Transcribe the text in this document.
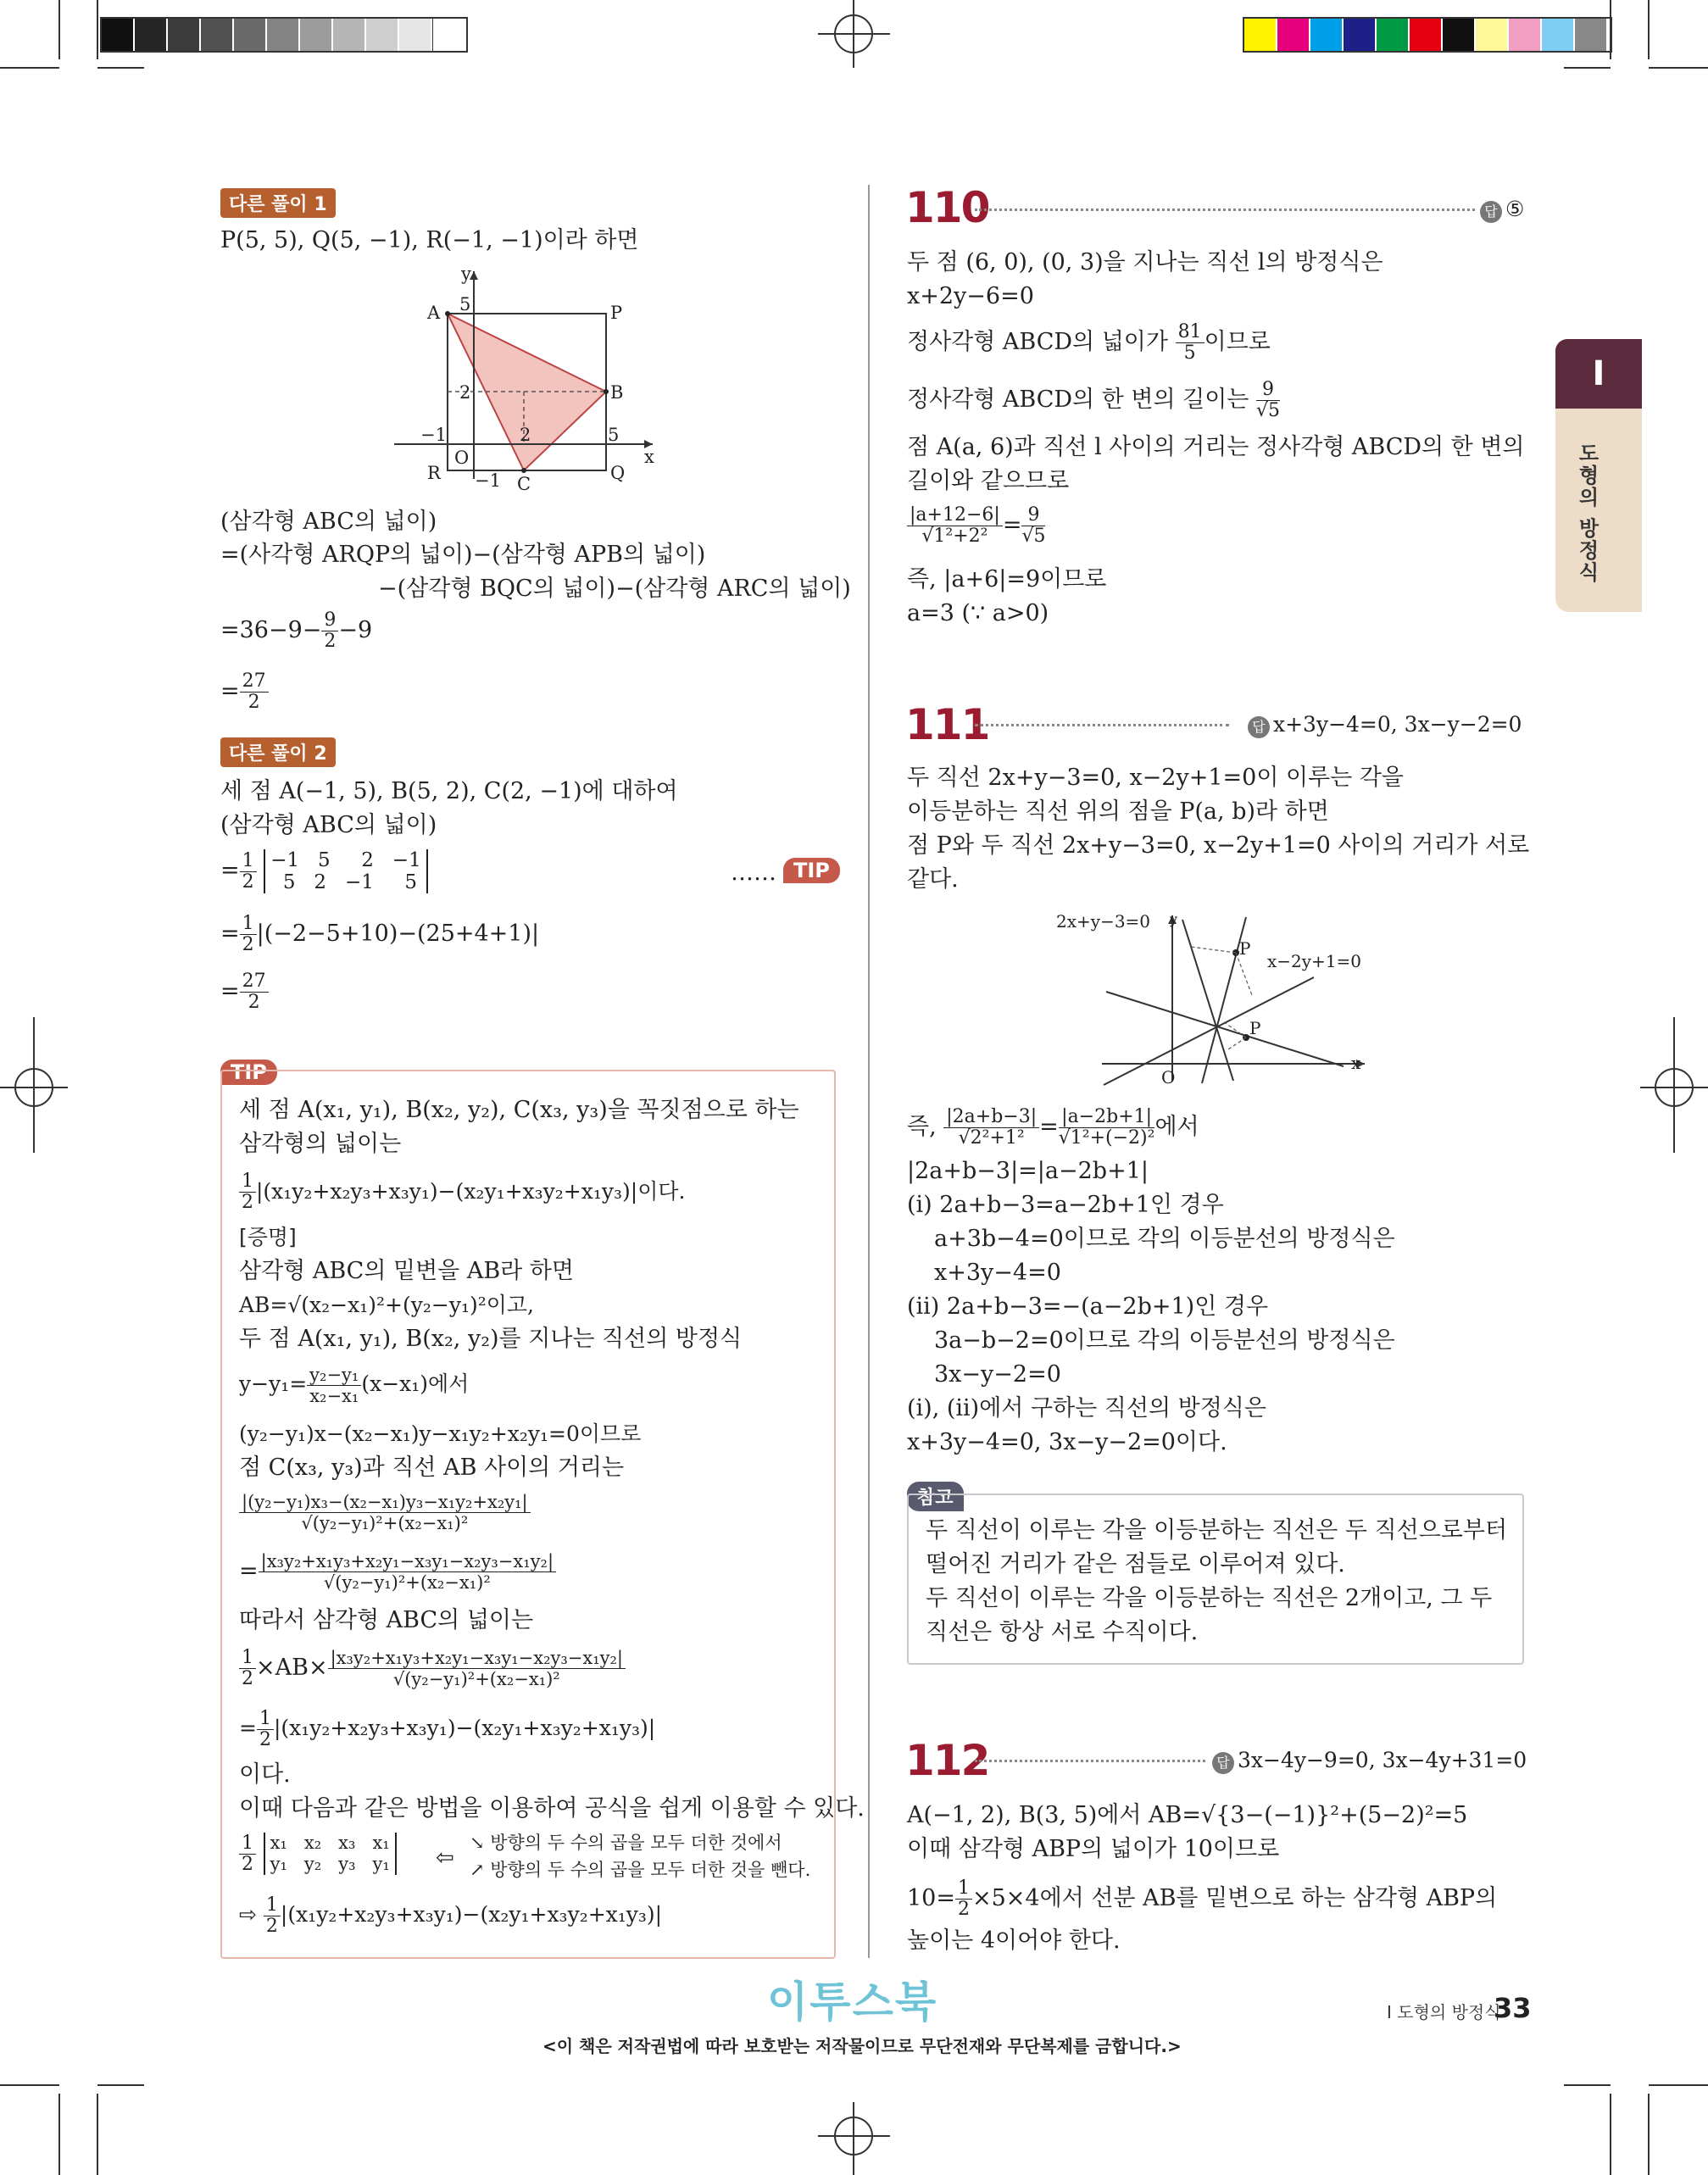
다른 풀이 1
P(5, 5), Q(5, −1), R(−1, −1)이라 하면
y
5
2
−1
O
2	5
x
−1
A	P
B
R
C
Q
(삼각형 ABC의 넓이)
=(사각형 ARQP의 넓이)−(삼각형 APB의 넓이)
−(삼각형 BQC의 넓이)−(삼각형 ARC의 넓이)
$=36-9- \frac{9}{2} -9$
= $\frac{27}{2}$
다른 풀이 2
세 점 A(−1, 5), B(5, 2), C(2, −1)에 대하여
(삼각형 ABC의 넓이)
= $\frac{1}{2}$
−1   5     2   −1
5   2   −1     5	…… TIP
= $\frac{1}{2} |(-2-5+10)-(25+4+1)|$
= $\frac{27}{2}$
TIP
세 점 A(x₁, y₁), B(x₂, y₂), C(x₃, y₃)을 꼭짓점으로 하는
삼각형의 넓이는
$\frac{1}{2} |(x_1y_2+x_2y_3+x_3y_1)-(x_2y_1+x_3y_2+x_1y_3)|$이다.
[증명]
삼각형 ABC의 밑변을 AB라 하면
AB=√(x₂−x₁)²+(y₂−y₁)²이고,
두 점 A(x₁, y₁), B(x₂, y₂)를 지나는 직선의 방정식
$y-y_1= \frac{\text{y₂−y₁}}{\text{x₂−x₁}} (x-x_1)$에서
(y₂−y₁)x−(x₂−x₁)y−x₁y₂+x₂y₁=0이므로
점 C(x₃, y₃)과 직선 AB 사이의 거리는
$\frac{\text{|(y₂−y₁)x₃−(x₂−x₁)y₃−x₁y₂+x₂y₁|}}{\text{√(y₂−y₁)²+(x₂−x₁)²}}$
= $\frac{\text{|x₃y₂+x₁y₃+x₂y₁−x₃y₁−x₂y₃−x₁y₂|}}{\text{√(y₂−y₁)²+(x₂−x₁)²}}$
따라서 삼각형 ABC의 넓이는
$\frac{1}{2} \times AB\times \frac{\text{|x₃y₂+x₁y₃+x₂y₁−x₃y₁−x₂y₃−x₁y₂|}}{\text{√(y₂−y₁)²+(x₂−x₁)²}}$
= $\frac{1}{2} |(x_1y_2+x_2y_3+x_3y_1)-(x_2y_1+x_3y_2+x_1y_3)|$
이다.
이때 다음과 같은 방법을 이용하여 공식을 쉽게 이용할 수 있다.
$\frac{1}{2}$
x₁   x₂   x₃   x₁
y₁   y₂   y₃   y₁ ⇦
↘ 방향의 두 수의 곱을 모두 더한 것에서
↗ 방향의 두 수의 곱을 모두 더한 것을 뺀다.
⇨ $\frac{1}{2} |(x_1y_2+x_2y_3+x_3y_1)-(x_2y_1+x_3y_2+x_1y_3)|$
110	답 ⑤
두 점 (6, 0), (0, 3)을 지나는 직선 l의 방정식은
x+2y−6=0
정사각형 ABCD의 넓이가 $\frac{81}{5}$ 이므로
정사각형 ABCD의 한 변의 길이는 $\frac{9}{√5}$
점 A(a, 6)과 직선 l 사이의 거리는 정사각형 ABCD의 한 변의
길이와 같으므로
$\frac{|a+12-6|}{\text{√1²+2²}} = \frac{9}{√5}$
즉, |a+6|=9이므로
a=3 (∵ a>0)
111	답 x+3y−4=0, 3x−y−2=0
두 직선 2x+y−3=0, x−2y+1=0이 이루는 각을
이등분하는 직선 위의 점을 P(a, b)라 하면
점 P와 두 직선 2x+y−3=0, x−2y+1=0 사이의 거리가 서로
같다.
2x+y−3=0 y
P
x−2y+1=0
P
O
x
즉, $\frac{|2a+b-3|}{\text{√2²+1²}} = \frac{|a-2b+1|}{\text{√1²+(−2)²}}$ 에서
|2a+b−3|=|a−2b+1|
(i) 2a+b−3=a−2b+1인 경우
a+3b−4=0이므로 각의 이등분선의 방정식은
x+3y−4=0
(ii) 2a+b−3=−(a−2b+1)인 경우
3a−b−2=0이므로 각의 이등분선의 방정식은
3x−y−2=0
(i), (ii)에서 구하는 직선의 방정식은
x+3y−4=0, 3x−y−2=0이다.
참고
두 직선이 이루는 각을 이등분하는 직선은 두 직선으로부터
떨어진 거리가 같은 점들로 이루어져 있다.
두 직선이 이루는 각을 이등분하는 직선은 2개이고, 그 두
직선은 항상 서로 수직이다.
112	답 3x−4y−9=0, 3x−4y+31=0
A(−1, 2), B(3, 5)에서 AB=√{3−(−1)}²+(5−2)²=5
이때 삼각형 ABP의 넓이가 10이므로
$10= \frac{1}{2} \times 5\times 4$에서 선분 AB를 밑변으로 하는 삼각형 ABP의
높이는 4이어야 한다.
I
도형의 방정식
이투스북	I 도형의 방정식
33
<이 책은 저작권법에 따라 보호받는 저작물이므로 무단전재와 무단복제를 금합니다.>
